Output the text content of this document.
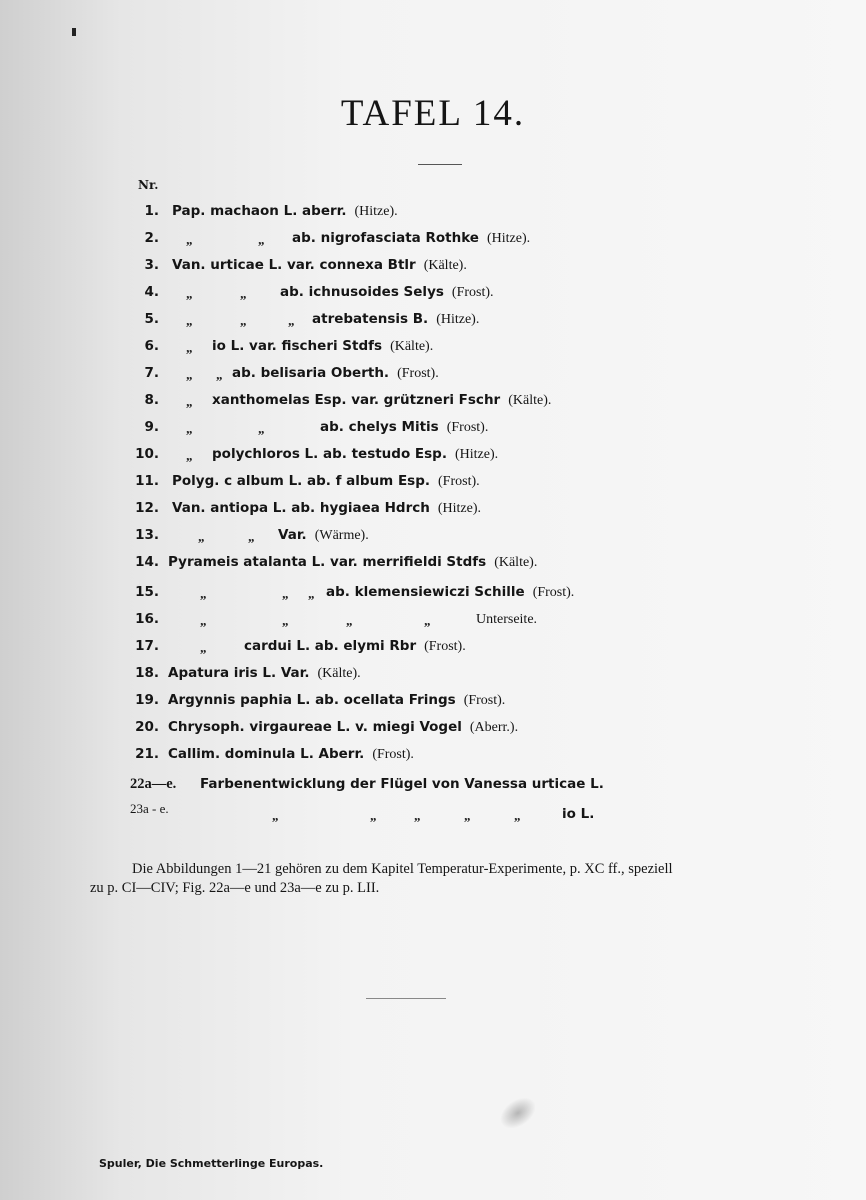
TAFEL 14.
Nr.
1. Pap. machaon L. aberr. (Hitze).
2. „	„ ab. nigrofasciata Rothke (Hitze).
3. Van. urticae L. var. connexa Btlr (Kälte).
4. „	„ ab. ichnusoides Selys (Frost).
5. „	„	„ atrebatensis B. (Hitze).
6. „ io L. var. fischeri Stdfs (Kälte).
7. „ „ ab. belisaria Oberth. (Frost).
8. „ xanthomelas Esp. var. grützneri Fschr (Kälte).
9. „	„	ab. chelys Mitis (Frost).
10. „ polychloros L. ab. testudo Esp. (Hitze).
11. Polyg. c album L. ab. f album Esp. (Frost).
12. Van. antiopa L. ab. hygiaea Hdrch (Hitze).
13.	„	„ Var. (Wärme).
14. Pyrameis atalanta L. var. merrifieldi Stdfs (Kälte).
15.	„	„ „ ab. klemensiewiczi Schille (Frost).
16.	„	„	„	„	Unterseite.
17.	„	cardui L. ab. elymi Rbr (Frost).
18. Apatura iris L. Var. (Kälte).
19. Argynnis paphia L. ab. ocellata Frings (Frost).
20. Chrysoph. virgaureae L. v. miegi Vogel (Aberr.).
21. Callim. dominula L. Aberr. (Frost).
22a—e. Farbenentwicklung der Flügel von Vanessa urticae L.
23a - e.	„	„	„	„	„	io L.
Die Abbildungen 1—21 gehören zu dem Kapitel Temperatur-Experimente, p. XC ff., speziell
zu p. CI—CIV; Fig. 22a—e und 23a—e zu p. LII.
Spuler, Die Schmetterlinge Europas.
